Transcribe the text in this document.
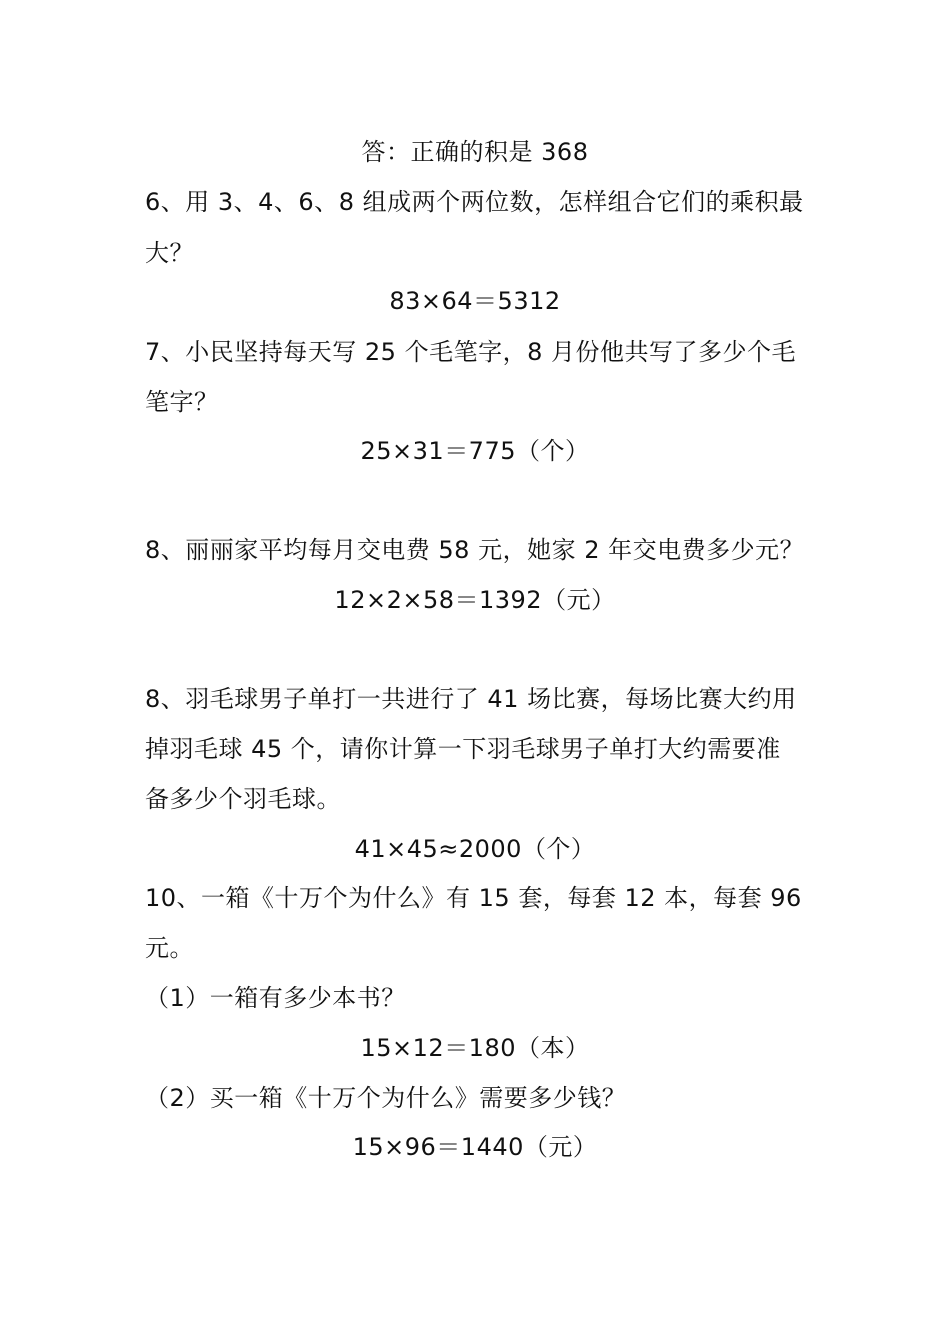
答：正确的积是 368
6、用 3、4、6、8 组成两个两位数，怎样组合它们的乘积最
大？
83×64＝5312
7、小民坚持每天写 25 个毛笔字，8 月份他共写了多少个毛
笔字？
25×31＝775（个）
8、丽丽家平均每月交电费 58 元，她家 2 年交电费多少元？
12×2×58＝1392（元）
8、羽毛球男子单打一共进行了 41 场比赛，每场比赛大约用
掉羽毛球 45 个，请你计算一下羽毛球男子单打大约需要准
备多少个羽毛球。
41×45≈2000（个）
10、一箱《十万个为什么》有 15 套，每套 12 本，每套 96
元。
（1）一箱有多少本书？
15×12＝180（本）
（2）买一箱《十万个为什么》需要多少钱？
15×96＝1440（元）
